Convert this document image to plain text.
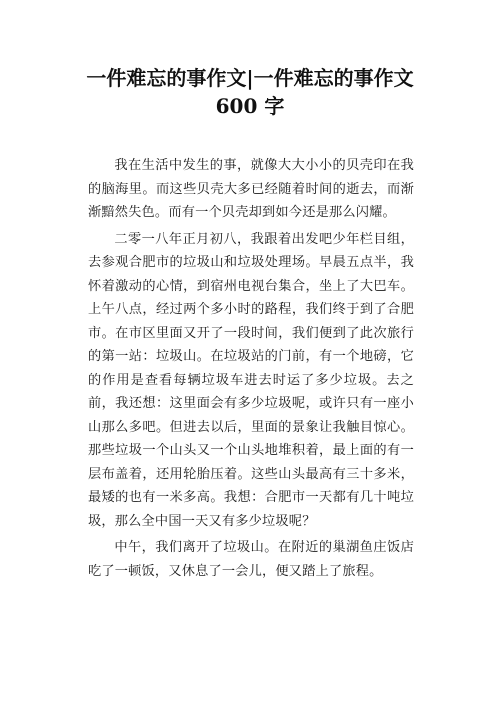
一件难忘的事作文|一件难忘的事作文
600 字

我在生活中发生的事，就像大大小小的贝壳印在我的脑海里。而这些贝壳大多已经随着时间的逝去，而渐渐黯然失色。而有一个贝壳却到如今还是那么闪耀。

二零一八年正月初八，我跟着出发吧少年栏目组，去参观合肥市的垃圾山和垃圾处理场。早晨五点半，我怀着激动的心情，到宿州电视台集合，坐上了大巴车。上午八点，经过两个多小时的路程，我们终于到了合肥市。在市区里面又开了一段时间，我们便到了此次旅行的第一站：垃圾山。在垃圾站的门前，有一个地磅，它的作用是查看每辆垃圾车进去时运了多少垃圾。去之前，我还想：这里面会有多少垃圾呢，或许只有一座小山那么多吧。但进去以后，里面的景象让我触目惊心。那些垃圾一个山头又一个山头地堆积着，最上面的有一层布盖着，还用轮胎压着。这些山头最高有三十多米，最矮的也有一米多高。我想：合肥市一天都有几十吨垃圾，那么全中国一天又有多少垃圾呢？

中午，我们离开了垃圾山。在附近的巢湖鱼庄饭店吃了一顿饭，又休息了一会儿，便又踏上了旅程。
